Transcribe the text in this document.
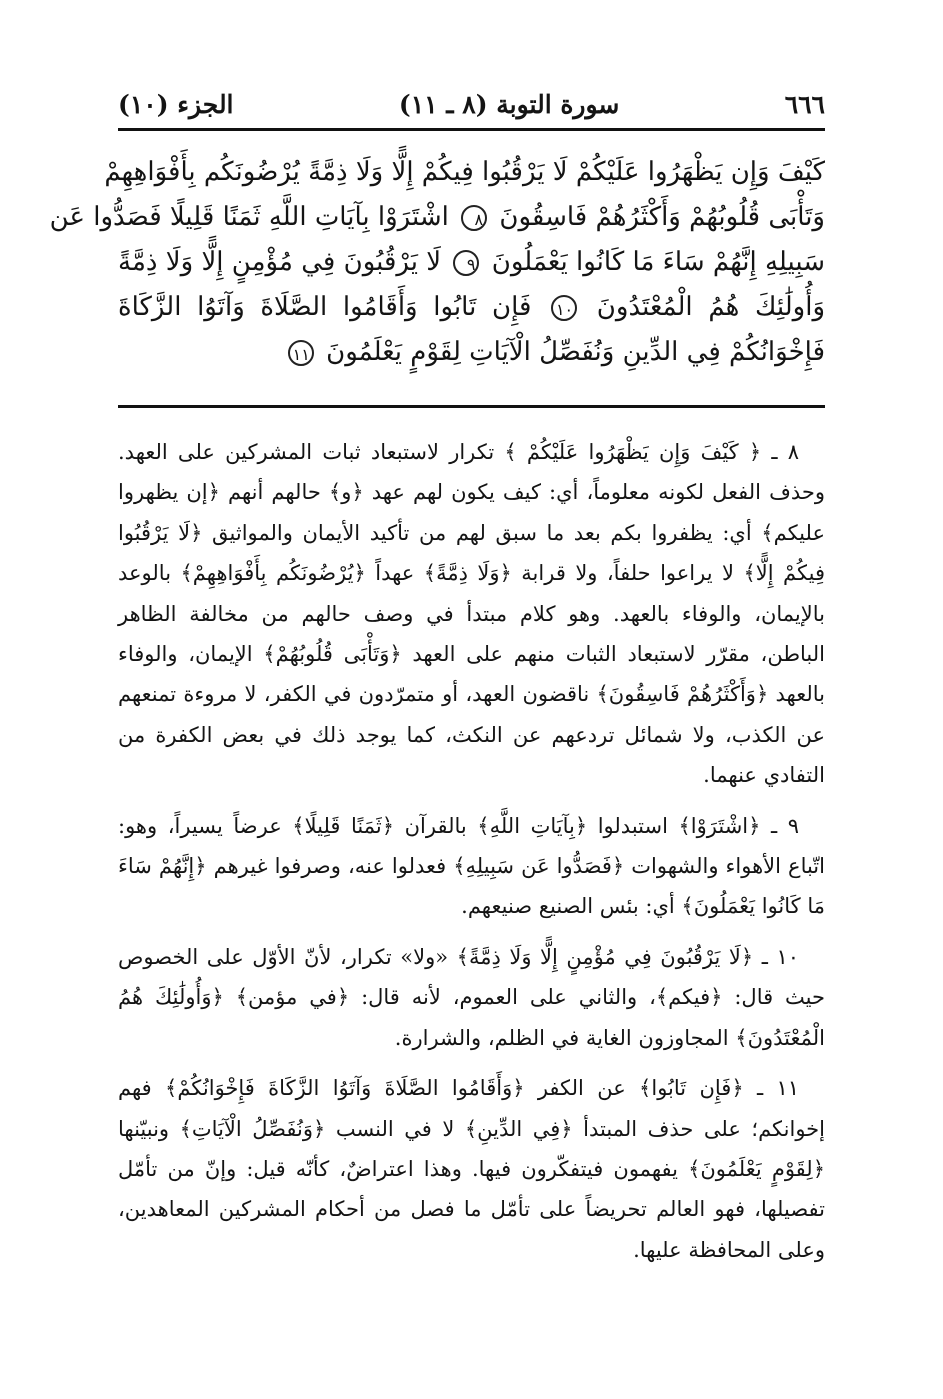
٦٦٦
سورة التوبة (٨ ـ ١١)
الجزء (١٠)
كَيْفَ وَإِن يَظْهَرُوا عَلَيْكُمْ لَا يَرْقُبُوا فِيكُمْ إِلًّا وَلَا ذِمَّةً يُرْضُونَكُم بِأَفْوَاهِهِمْ
وَتَأْبَى قُلُوبُهُمْ وَأَكْثَرُهُمْ فَاسِقُونَ ٨ اشْتَرَوْا بِآيَاتِ اللَّهِ ثَمَنًا قَلِيلًا فَصَدُّوا عَن
سَبِيلِهِ إِنَّهُمْ سَاءَ مَا كَانُوا يَعْمَلُونَ ٩ لَا يَرْقُبُونَ فِي مُؤْمِنٍ إِلًّا وَلَا ذِمَّةً
وَأُولَٰئِكَ هُمُ الْمُعْتَدُونَ ١٠ فَإِن تَابُوا وَأَقَامُوا الصَّلَاةَ وَآتَوُا الزَّكَاةَ
فَإِخْوَانُكُمْ فِي الدِّينِ وَنُفَصِّلُ الْآيَاتِ لِقَوْمٍ يَعْلَمُونَ ١١

٨ ـ ﴿ كَيْفَ وَإِن يَظْهَرُوا عَلَيْكُمْ ﴾ تكرار لاستبعاد ثبات المشركين على العهد. وحذف الفعل لكونه معلوماً، أي: كيف يكون لهم عهد ﴿و﴾ حالهم أنهم ﴿إن يظهروا عليكم﴾ أي: يظفروا بكم بعد ما سبق لهم من تأكيد الأيمان والمواثيق ﴿لَا يَرْقُبُوا فِيكُمْ إِلًّا﴾ لا يراعوا حلفاً، ولا قرابة ﴿وَلَا ذِمَّةً﴾ عهداً ﴿يُرْضُونَكُم بِأَفْوَاهِهِمْ﴾ بالوعد بالإيمان، والوفاء بالعهد. وهو كلام مبتدأ في وصف حالهم من مخالفة الظاهر الباطن، مقرّر لاستبعاد الثبات منهم على العهد ﴿وَتَأْبَى قُلُوبُهُمْ﴾ الإيمان، والوفاء بالعهد ﴿وَأَكْثَرُهُمْ فَاسِقُونَ﴾ ناقضون العهد، أو متمرّدون في الكفر، لا مروءة تمنعهم عن الكذب، ولا شمائل تردعهم عن النكث، كما يوجد ذلك في بعض الكفرة من التفادي عنهما.

٩ ـ ﴿اشْتَرَوْا﴾ استبدلوا ﴿بِآيَاتِ اللَّهِ﴾ بالقرآن ﴿ثَمَنًا قَلِيلًا﴾ عرضاً يسيراً، وهو: اتّباع الأهواء والشهوات ﴿فَصَدُّوا عَن سَبِيلِهِ﴾ فعدلوا عنه، وصرفوا غيرهم ﴿إِنَّهُمْ سَاءَ مَا كَانُوا يَعْمَلُونَ﴾ أي: بئس الصنيع صنيعهم.

١٠ ـ ﴿لَا يَرْقُبُونَ فِي مُؤْمِنٍ إِلًّا وَلَا ذِمَّةً﴾ «ولا» تكرار، لأنّ الأوّل على الخصوص حيث قال: ﴿فيكم﴾، والثاني على العموم، لأنه قال: ﴿في مؤمن﴾ ﴿وَأُولَٰئِكَ هُمُ الْمُعْتَدُونَ﴾ المجاوزون الغاية في الظلم، والشرارة.

١١ ـ ﴿فَإِن تَابُوا﴾ عن الكفر ﴿وَأَقَامُوا الصَّلَاةَ وَآتَوُا الزَّكَاةَ فَإِخْوَانُكُمْ﴾ فهم إخوانكم؛ على حذف المبتدأ ﴿فِي الدِّينِ﴾ لا في النسب ﴿وَنُفَصِّلُ الْآيَاتِ﴾ ونبيّنها ﴿لِقَوْمٍ يَعْلَمُونَ﴾ يفهمون فيتفكّرون فيها. وهذا اعتراضٌ، كأنّه قيل: وإنّ من تأمّل تفصيلها، فهو العالم تحريضاً على تأمّل ما فصل من أحكام المشركين المعاهدين، وعلى المحافظة عليها.
